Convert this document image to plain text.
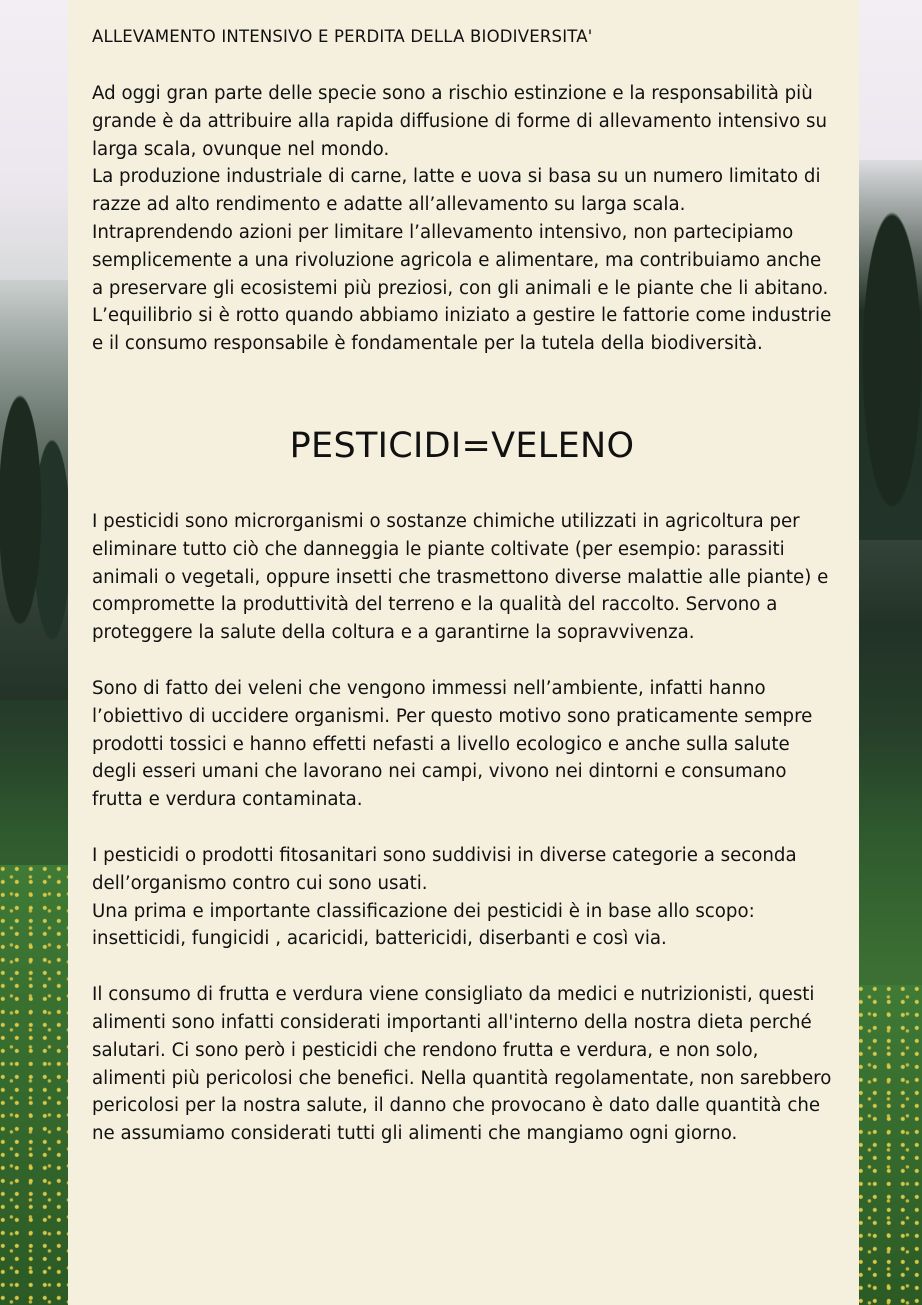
ALLEVAMENTO INTENSIVO E PERDITA DELLA BIODIVERSITA'

Ad oggi gran parte delle specie sono a rischio estinzione e la responsabilità più grande è da attribuire alla rapida diffusione di forme di allevamento intensivo su larga scala, ovunque nel mondo.

La produzione industriale di carne, latte e uova si basa su un numero limitato di razze ad alto rendimento e adatte all’allevamento su larga scala.

Intraprendendo azioni per limitare l’allevamento intensivo, non partecipiamo semplicemente a una rivoluzione agricola e alimentare, ma contribuiamo anche a preservare gli ecosistemi più preziosi, con gli animali e le piante che li abitano.

L’equilibrio si è rotto quando abbiamo iniziato a gestire le fattorie come industrie e il consumo responsabile è fondamentale per la tutela della biodiversità.

PESTICIDI=VELENO

I pesticidi sono microrganismi o sostanze chimiche utilizzati in agricoltura per eliminare tutto ciò che danneggia le piante coltivate (per esempio: parassiti animali o vegetali, oppure insetti che trasmettono diverse malattie alle piante) e compromette la produttività del terreno e la qualità del raccolto. Servono a proteggere la salute della coltura e a garantirne la sopravvivenza.

Sono di fatto dei veleni che vengono immessi nell’ambiente, infatti hanno l’obiettivo di uccidere organismi. Per questo motivo sono praticamente sempre prodotti tossici e hanno effetti nefasti a livello ecologico e anche sulla salute degli esseri umani che lavorano nei campi, vivono nei dintorni e consumano frutta e verdura contaminata.

I pesticidi o prodotti fitosanitari sono suddivisi in diverse categorie a seconda dell’organismo contro cui sono usati.

Una prima e importante classificazione dei pesticidi è in base allo scopo: insetticidi, fungicidi , acaricidi, battericidi, diserbanti e così via.

Il consumo di frutta e verdura viene consigliato da medici e nutrizionisti, questi alimenti sono infatti considerati importanti all'interno della nostra dieta perché salutari. Ci sono però i pesticidi che rendono frutta e verdura, e non solo, alimenti più pericolosi che benefici. Nella quantità regolamentate, non sarebbero pericolosi per la nostra salute, il danno che provocano è dato dalle quantità che ne assumiamo considerati tutti gli alimenti che mangiamo ogni giorno.
